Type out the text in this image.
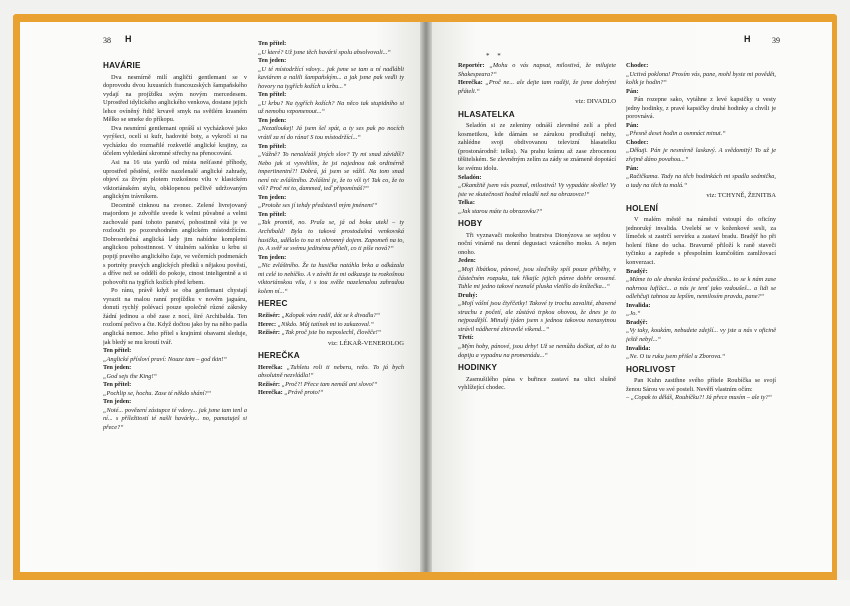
38 H	39
H
* *
HAVÁRIE

Dva nesmírně milí angličtí gentlemani se v doprovodu dvou luxusních francouzských šampaňského vydají na projíždku svým novým mercedesem. Uprostřed idylického anglického venkova, dostane jejich lehce ovíněný řidič krvavě smyk na světlém krasném Mělko se smeke do příkopu.

Dva nesmírní gentlemani opráší si vycházkové jako vyrýšeci, ocelí si kufr, hadovité boty, a vykročí si na vycházku do rozmařilé rozkvetlé anglické krajiny, za účelem vyhledání skromné střechy na přenocování.

Asi na 16 uta yardů od místa nešťasné příhody, uprostřed pěstěné, svěže nazelenalé anglické zahrady, objeví za živým plotem rozkošnou vilu v klasickém viktoriánském stylu, obklopenou pečlivě udržovaným anglickým trávníkem.

Decentně cinknou na zvonec. Zelené livrejovaný majordom je zdvořile uvede k velmi půvabné a velmi zachovalé paní tohoto panství, pohostinně vítá je ve rozloučit po pozoruhodném anglickém místodržícím. Dobrosrdečná anglická lady jim nabídne kompletní anglickou pohostinnost. V útulném salónku u krbu si popijí pravého anglického čaje, ve večerních podmenách s portréty pravých anglických předků s nějakou pověstí, a dříve než se oddělí do pokoje, ctnost inteligentně a si pohovořit na tygřích kožích před krbem.

Po ránu, právě když se oba gentlemani chystají vyrazit na malou ranní projíždku v nověm jaguáru, donutí rychlý polévací pouze společně různé zákrsky žádní jedinou a obě zase z nocí, širé Archibalda. Ten rozlomí pečivo a čte. Když dočtou jako by na něho padla anglická nemoc. Jeho přítel s krajními obavami sleduje, jak bledý se mu kroutí tvář.

Ten přítel:

„Anglické přísloví praví: Nouze tam – god tkin!“

Ten jeden:

„God sejs the King!“

Ten přítel:

„Pochlip se, hochu. Zase té někdo shání?“

Ten jeden:

„Noté... povězení zástupce té vdovy... jak jsme tam tenl a ní... s příležitostí té našli havárky... no, pamatuješ si přece?“

Ten přítel:

„U které? Už jsme těch havárií spolu absolvovali...“

Ten jeden:

„U té místodržící vdovy... jak jsme se tam u ní nadlábli kaviárem a nalili šampaňským... a jak jsme pak vedli ty hovory na tygřích kožích u krbu...“

Ten přítel:

„U krbu? Na tygřích kožích? Na něco tak stupidního si už nemohu vzpomenout...“

Ten jeden:

„Nezatloukej! Já jsem šel spát, a ty ses pak po nocích vrátil za ní do rána! S tou místodržící...“

Ten přítel:

„Vážně? To nenalézáš jiných slov? Ty mi snad závidíš? Nebo jak si vysvětlím, že jsi najednou tak ordinérně impertinentní?! Dobrá, já jsem se vážil. Na tom snad není nic zvláštního. Zvláštní je, že to víš ty! Tak co, že to víš? Proč mi to, dammed, teď připomínáš?“

Ten jeden:

„Protože ses jí tehdy představil mým jménem!“

Ten přítel:

„Tak promiň, no. Prala se, já od boku utekl – ty Archibald! Byla to taková prostodušná venkovská husička, udělalo to na ni ohromný dojem. Zapomeň na to, jo. A svěř se svému jedinému příteli, co ti píše nová?“

Ten jeden:

„Nic zvláštního. Že ta husička natáhla brka a odkázala mi celé to nebíčko. A v závěti že mi odkazuje tu rozkošnou viktoriánskou vilu, i s tou svěže nazelenalou zahradou kolem ní...“

HEREC

Režisér: „Kdopak vám radil, dát se k divadlu?“

Herec: „Nikdo. Můj tatínek mi to zakazoval.“

Režisér: „Tak proč jste ho neposlechl, člověče!“

viz: LÉKAŘ-VENEROLOG

HEREČKA

Herečka: „Tuhletu roli ti neberu, režo. To já bych absolutně nezvládla!“

Režisér: „Proč?! Přece tam nemáš ani slovo!“

Herečka: „Právě proto!“

Reportér: „Mohu o vás napsat, milostivá, že milujete Shakespeara?“

Herečka: „Proč ne... ale dejte tam raději, že jsme dobrými přáteli.“

viz: DIVADLO

HLASATELKA

Seladón si ze zeleniny odnáší zlevněné zelí a před kosmetikou, kde dámám se zárukou prodlužují nehty, zahlédne svoji obdivovanou televizní hlasatelku (prostonárodně: telku). Na prahu krámu až zase zbrocenou těšitelském. Se zlevněným zelím za zády se známeně dopotácí ke svému idolu.

Seladón:

„Okamžitě jsem vás poznal, milostivá! Vy vypadáte skvěle! Vy jste ve skutečnosti hodně mladší než na obrazovce!“

Telka:

„Jak starou máte tu obrazovku?“

HOBY

Tři vyznavači mokrého bratrstva Dionýzova se sejdou v noční vinárně na denní degustaci vzácného moku. A nejen onoho.

Jeden:

„Moji libátkou, pánové, jsou sleďníky spíš pouze příběhy, v částečném rozpuku, tak říkajíc jejich pánve dobře orosené. Tuhle mi jedno takové neznalé pluska vletělo do knížečka...“

Druhý:

„Mojí vášní jsou čtyřčetky! Takové ty trochu zavalité, zbavené strachu z početí, ale zůstává trpkou ohovou, že dnes je to nejpozdější. Minulý týden jsem s jednou takovou nenasytnou strávil nádherné zhiravilé víkend...“

Třetí:

„Mým hoby, pánové, jsou drby! Už se nemůžu dočkat, až to tu dopiju a vypadnu na promenádu...“

HODINKY

Zasmušilého pána v buřince zastaví na ulici slušně vyhlížející chodec.

Chodec:

„Uctivá poklona! Prosím vás, pane, mohl byste mi povědět, kolik je hodin?“

Pán:

Pán rozepne sako, vytáhne z levé kapsičky u vesty jedny hodinky, z pravé kapsičky druhé hodinky a chvíli je porovnává.

Pán:

„Přesně deset hodin a osmnáct minut.“

Chodec:

„Děkuji. Pán je nesmírně laskavý. A svědomitý! To už je zřejmě dáno povahou...“

Pán:

„Račičkama. Tady na těch hodinkách mi spadla sedmička, a tady na těch ta malá.“

viz: TCHYNĚ, ŽENITBA

HOLENÍ

V malém městě na náměstí vstoupí do oficíny jednoruký invalida. Uvelebí se v koženkové sesli, za límeček si zastrčí servírku a zastaví bradu. Bradýř ho při holení fikne do ucha. Bravurně přiloží k raně staveči tyčinku a zapřede s přespolním kumčoštím zamlžovací konverzaci.

Bradýř:

„Máme to ale dneska krásné počasíčko... to se k nám zase nahrnou lufťáci... a nás je tenť jako vzdoušeš... a lidi se odlehčuji tahnou za lepším, nemilosím pravdu, pane?“

Invalida:

„Jo.“

Bradýř:

„Vy taky, koukám, nebudete zdejší... vy jste u nás v oficině ještě nebyl...“

Invalida:

„Ne. O tu ruku jsem přišel u Zborova.“

HORLIVOST

Pan Kuhn zastihne svého přítele Roubíčka se svojí ženou Sárou ve své posteli. Nevěří vlastním očím:

– „Copak to děláš, Roubíčku?! Já přece musím – ale ty?“
